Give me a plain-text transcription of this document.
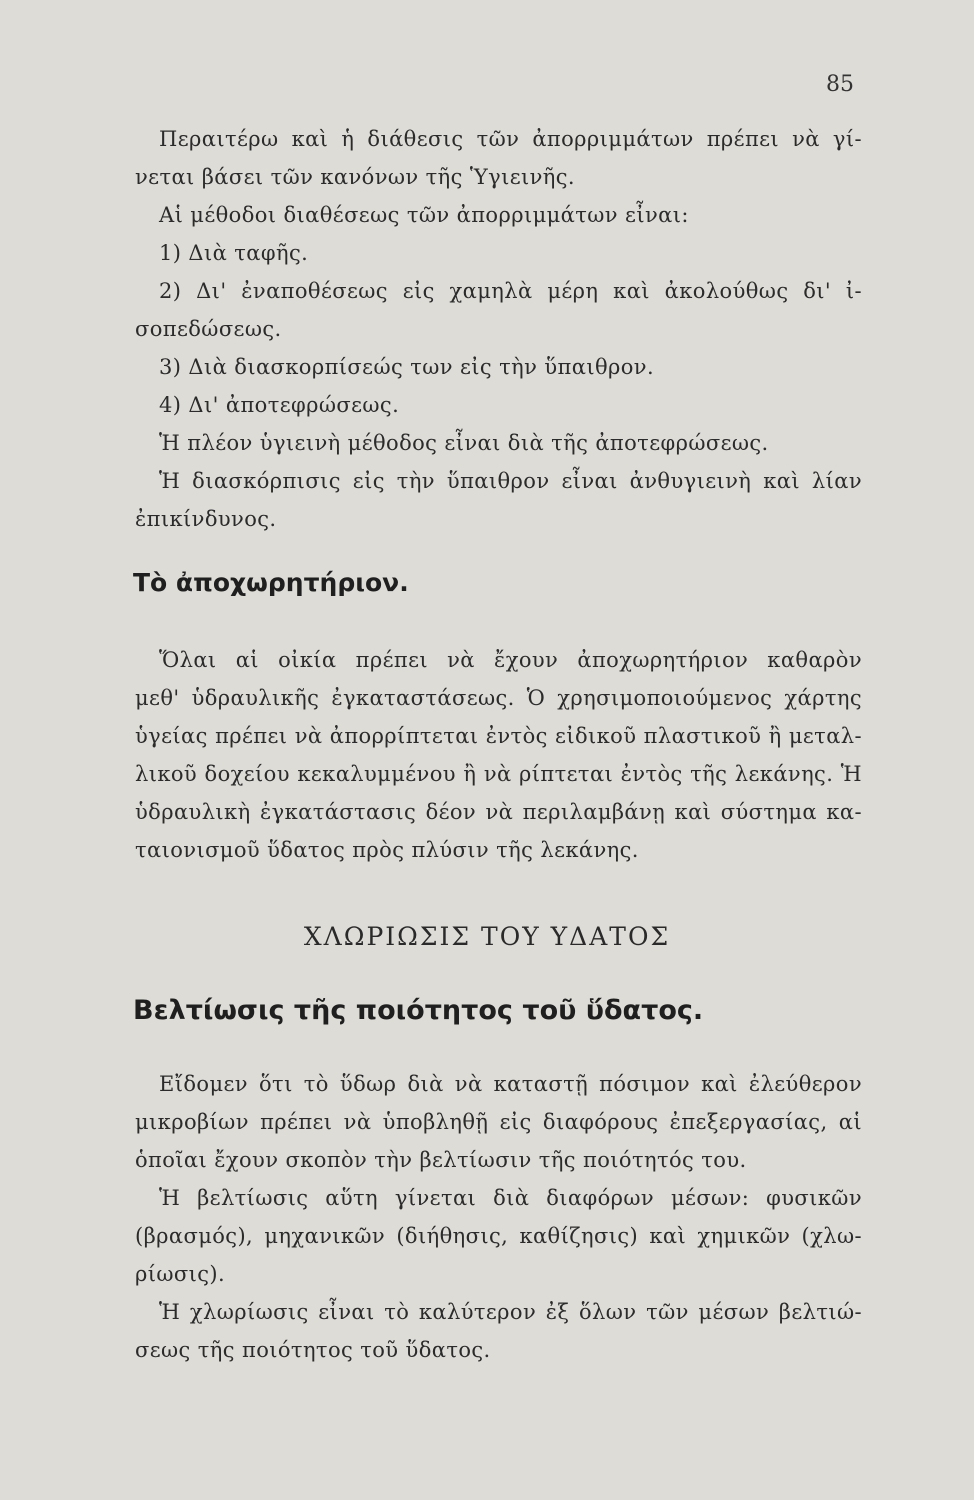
85
Περαιτέρω καὶ ἡ διάθεσις τῶν ἀπορριμμάτων πρέπει νὰ γί-
νεται βάσει τῶν κανόνων τῆς Ὑγιεινῆς.
Αἱ μέθοδοι διαθέσεως τῶν ἀπορριμμάτων εἶναι:
1) Διὰ ταφῆς.
2) Δι' ἐναποθέσεως εἰς χαμηλὰ μέρη καὶ ἀκολούθως δι' ἰ-
σοπεδώσεως.
3) Διὰ διασκορπίσεώς των εἰς τὴν ὕπαιθρον.
4) Δι' ἀποτεφρώσεως.
Ἡ πλέον ὑγιεινὴ μέθοδος εἶναι διὰ τῆς ἀποτεφρώσεως.
Ἡ διασκόρπισις εἰς τὴν ὕπαιθρον εἶναι ἀνθυγιεινὴ καὶ λίαν
ἐπικίνδυνος.
Τὸ ἀποχωρητήριον.
Ὅλαι αἱ οἰκία πρέπει νὰ ἔχουν ἀποχωρητήριον καθαρὸν
μεθ' ὑδραυλικῆς ἐγκαταστάσεως. Ὁ χρησιμοποιούμενος χάρτης
ὑγείας πρέπει νὰ ἀπορρίπτεται ἐντὸς εἰδικοῦ πλαστικοῦ ἢ μεταλ-
λικοῦ δοχείου κεκαλυμμένου ἢ νὰ ρίπτεται ἐντὸς τῆς λεκάνης. Ἡ
ὑδραυλικὴ ἐγκατάστασις δέον νὰ περιλαμβάνῃ καὶ σύστημα κα-
ταιονισμοῦ ὕδατος πρὸς πλύσιν τῆς λεκάνης.
ΧΛΩΡΙΩΣΙΣ ΤΟΥ ΥΔΑΤΟΣ
Βελτίωσις τῆς ποιότητος τοῦ ὕδατος.
Εἴδομεν ὅτι τὸ ὕδωρ διὰ νὰ καταστῇ πόσιμον καὶ ἐλεύθερον
μικροβίων πρέπει νὰ ὑποβληθῇ εἰς διαφόρους ἐπεξεργασίας, αἱ
ὁποῖαι ἔχουν σκοπὸν τὴν βελτίωσιν τῆς ποιότητός του.
Ἡ βελτίωσις αὕτη γίνεται διὰ διαφόρων μέσων: φυσικῶν
(βρασμός), μηχανικῶν (διήθησις, καθίζησις) καὶ χημικῶν (χλω-
ρίωσις).
Ἡ χλωρίωσις εἶναι τὸ καλύτερον ἐξ ὅλων τῶν μέσων βελτιώ-
σεως τῆς ποιότητος τοῦ ὕδατος.
